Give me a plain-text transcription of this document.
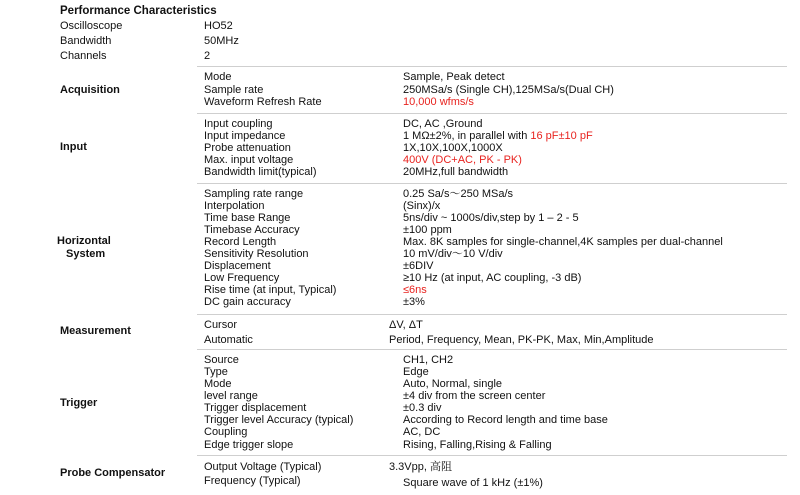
Performance Characteristics
Oscilloscope	HO52
Bandwidth	50MHz
Channels	2
Acquisition
Mode	Sample, Peak detect
Sample rate	250MSa/s (Single CH),125MSa/s(Dual CH)
Waveform Refresh Rate	10,000 wfms/s
Input
Input coupling	DC, AC ,Ground
Input impedance	1 MΩ±2%, in parallel with 16 pF±10 pF
Probe attenuation	1X,10X,100X,1000X
Max. input voltage	400V (DC+AC, PK - PK)
Bandwidth limit(typical)	20MHz,full bandwidth
Horizontal
System
Sampling rate range	0.25 Sa/s～250 MSa/s
Interpolation	(Sinx)/x
Time base Range	5ns/div ~ 1000s/div,step by 1 – 2 - 5
Timebase Accuracy	±100 ppm
Record Length	Max. 8K samples for single-channel,4K samples per dual-channel
Sensitivity Resolution	10 mV/div～10 V/div
Displacement	±6DIV
Low Frequency	≥10 Hz (at input, AC coupling, -3 dB)
Rise time (at input, Typical)	≤6ns
DC gain accuracy	±3%
Measurement	Cursor	ΔV, ΔT
Automatic	Period, Frequency, Mean, PK-PK, Max, Min,Amplitude
Trigger
Source	CH1, CH2
Type	Edge
Mode	Auto, Normal, single
level range	±4 div from the screen center
Trigger displacement	±0.3 div
Trigger level Accuracy (typical)	According to Record length and time base
Coupling	AC, DC
Edge trigger slope	Rising, Falling,Rising & Falling
Probe Compensator	Output Voltage (Typical)	3.3Vpp, 高阻
Frequency (Typical)	Square wave of 1 kHz (±1%)
